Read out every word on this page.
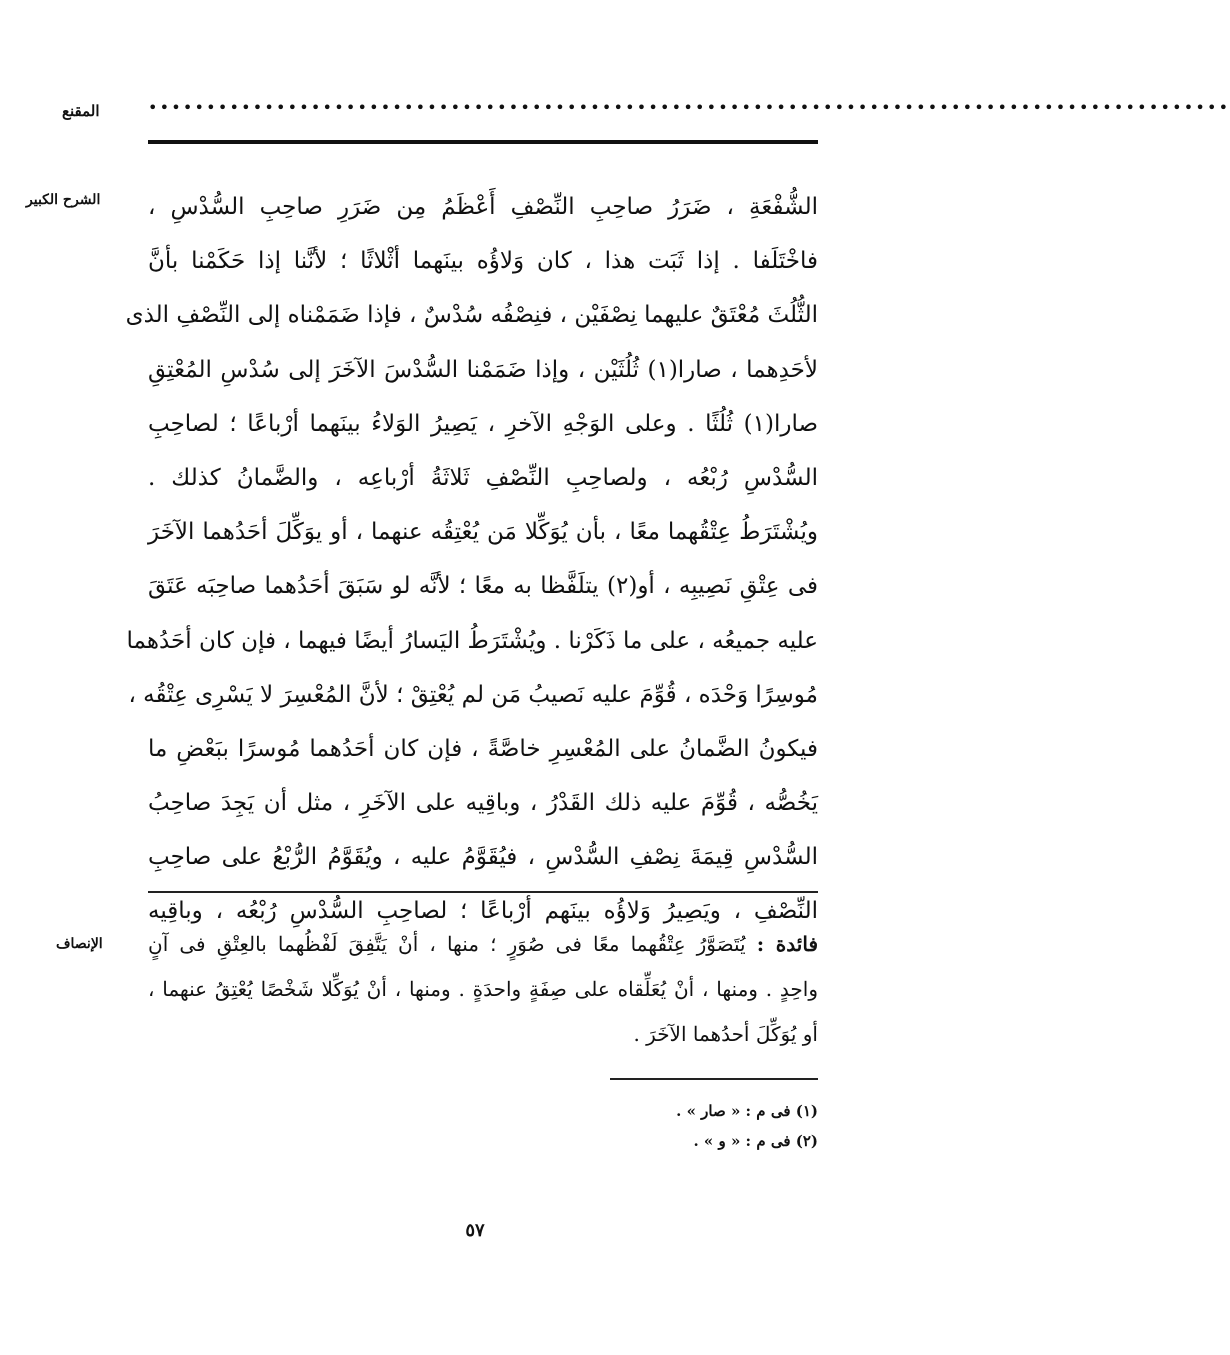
المقنع	•••••••••••••••••••••••••••••••••••••••••••••••••••••••••••••••••••••••••••••••••••••••••••••
الشرح الكبير الشُّفْعَةِ ، ضَرَرُ صاحِبِ النِّصْفِ أَعْظَمُ مِن ضَرَرِ صاحِبِ السُّدْسِ ،
فاخْتَلَفا . إذا ثَبَت هذا ، كان وَلاؤُه بينَهما أثْلاثًا ؛ لأنَّنا إذا حَكَمْنا بأنَّ
الثُّلُثَ مُعْتَقٌ عليهما نِصْفَيْن ، فنِصْفُه سُدْسٌ ، فإذا ضَمَمْناه إلى النِّصْفِ الذى
لأحَدِهما ، صارا(١) ثُلُثَيْن ، وإذا ضَمَمْنا السُّدْسَ الآخَرَ إلى سُدْسِ المُعْتِقِ
صارا(١) ثُلُثًا . وعلى الوَجْهِ الآخرِ ، يَصِيرُ الوَلاءُ بينَهما أرْباعًا ؛ لصاحِبِ
السُّدْسِ رُبْعُه ، ولصاحِبِ النِّصْفِ ثَلاثَةُ أرْباعِه ، والضَّمانُ كذلك .
ويُشْتَرَطُ عِتْقُهما معًا ، بأن يُوَكِّلا مَن يُعْتِقُه عنهما ، أو يوَكِّلَ أحَدُهما الآخَرَ
فى عِتْقِ نَصِيبِه ، أو(٢) يتلَفَّظا به معًا ؛ لأنَّه لو سَبَقَ أحَدُهما صاحِبَه عَتَقَ
عليه جميعُه ، على ما ذَكَرْنا . ويُشْتَرَطُ اليَسارُ أيضًا فيهما ، فإن كان أحَدُهما
مُوسِرًا وَحْدَه ، قُوِّمَ عليه نَصيبُ مَن لم يُعْتِقْ ؛ لأنَّ المُعْسِرَ لا يَسْرِى عِتْقُه ،
فيكونُ الضَّمانُ على المُعْسِرِ خاصَّةً ، فإن كان أحَدُهما مُوسرًا ببَعْضِ ما
يَخُصُّه ، قُوِّمَ عليه ذلك القَدْرُ ، وباقِيه على الآخَرِ ، مثل أن يَجِدَ صاحِبُ
السُّدْسِ قِيمَةَ نِصْفِ السُّدْسِ ، فيُقَوَّمُ عليه ، ويُقَوَّمُ الرُّبْعُ على صاحِبِ
النِّصْفِ ، ويَصِيرُ وَلاؤُه بينَهم أرْباعًا ؛ لصاحِبِ السُّدْسِ رُبْعُه ، وباقِيه
الإنصاف	فائدة : يُتَصَوَّرُ عِتْقُهما معًا فى صُوَرٍ ؛ منها ، أنْ يَتَّفِقَ لَفْظُهما بالعِتْقِ فى آنٍ
واحِدٍ . ومنها ، أنْ يُعَلِّقاه على صِفَةٍ واحدَةٍ . ومنها ، أنْ يُوَكِّلا شَخْصًا يُعْتِقُ عنهما ،
أو يُوَكِّلَ أحدُهما الآخَرَ .
(١) فى م : « صار » .
(٢) فى م : « و » .
٥٧
